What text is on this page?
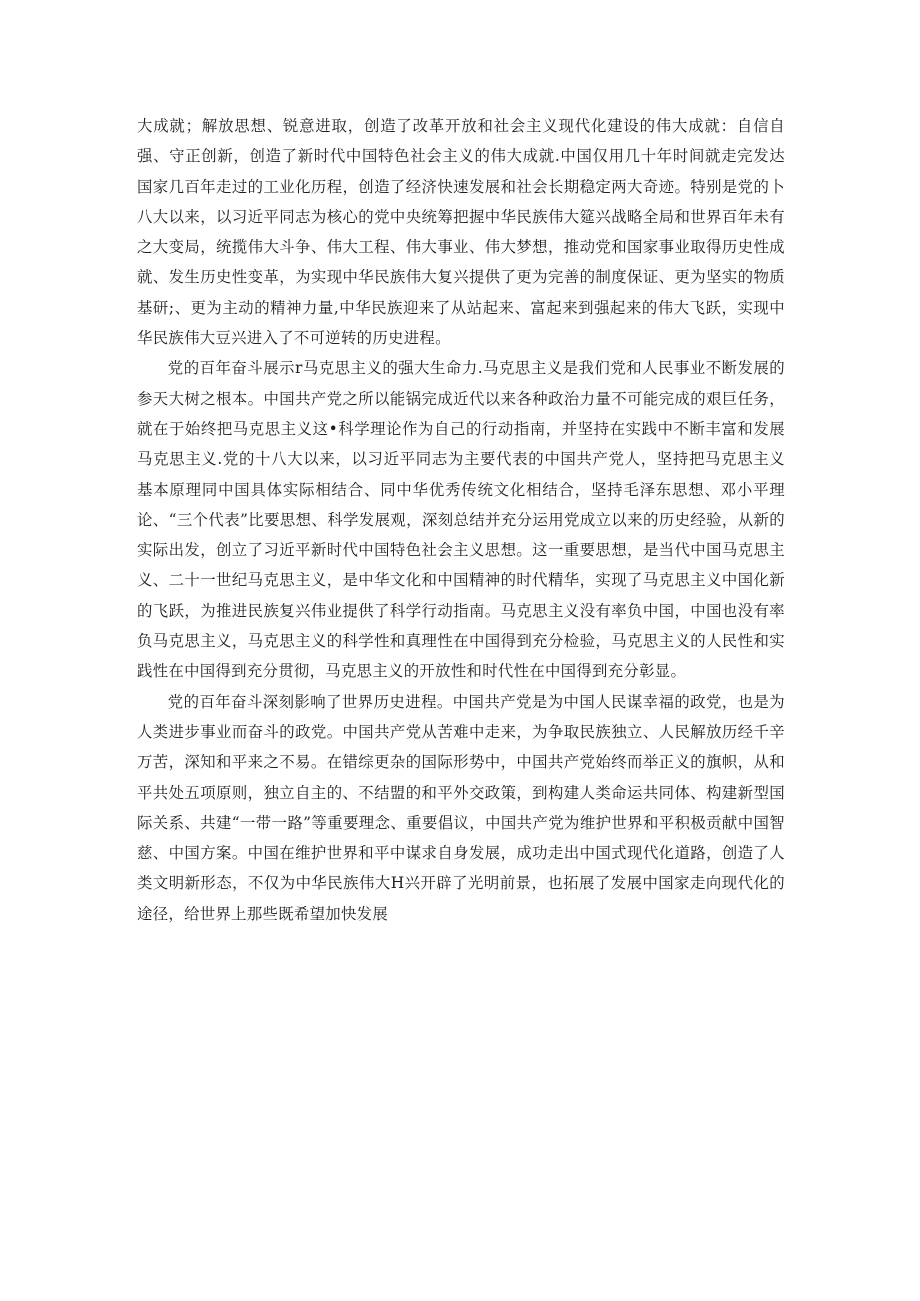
大成就；解放思想、锐意进取，创造了改革开放和社会主义现代化建设的伟大成就：自信自强、守正创新，创造了新时代中国特色社会主义的伟大成就.中国仅用几十年时间就走完发达国家几百年走过的工业化历程，创造了经济快速发展和社会长期稳定两大奇迹。特别是党的卜八大以来，以习近平同志为核心的党中央统筹把握中华民族伟大筵兴战略全局和世界百年未有之大变局，统揽伟大斗争、伟大工程、伟大事业、伟大梦想，推动党和国家事业取得历史性成就、发生历史性变革，为实现中华民族伟大复兴提供了更为完善的制度保证、更为坚实的物质基研;、更为主动的精神力量,中华民族迎来了从站起来、富起来到强起来的伟大飞跃，实现中华民族伟大豆兴进入了不可逆转的历史进程。

党的百年奋斗展示r马克思主义的强大生命力.马克思主义是我们党和人民事业不断发展的参天大树之根本。中国共产党之所以能锅完成近代以来各种政治力量不可能完成的艰巨任务，就在于始终把马克思主义这•科学理论作为自己的行动指南，并坚持在实践中不断丰富和发展马克思主义.党的十八大以来，以习近平同志为主要代表的中国共产党人，坚持把马克思主义基本原理同中国具体实际相结合、同中华优秀传统文化相结合，坚持毛泽东思想、邓小平理论、“三个代表”比要思想、科学发展观，深刻总结并充分运用党成立以来的历史经验，从新的实际出发，创立了习近平新时代中国特色社会主义思想。这一重要思想，是当代中国马克思主义、二十一世纪马克思主义，是中华文化和中国精神的时代精华，实现了马克思主义中国化新的飞跃，为推进民族复兴伟业提供了科学行动指南。马克思主义没有率负中国，中国也没有率负马克思主义，马克思主义的科学性和真理性在中国得到充分检验，马克思主义的人民性和实践性在中国得到充分贯彻，马克思主义的开放性和时代性在中国得到充分彰显。

党的百年奋斗深刻影响了世界历史进程。中国共产党是为中国人民谋幸福的政党，也是为人类进步事业而奋斗的政党。中国共产党从苦难中走来，为争取民族独立、人民解放历经千辛万苦，深知和平来之不易。在错综更杂的国际形势中，中国共产党始终而举正义的旗帜，从和平共处五项原则，独立自主的、不结盟的和平外交政策，到构建人类命运共同体、构建新型国际关系、共建“一带一路”等重要理念、重要倡议，中国共产党为维护世界和平积极贡献中国智慈、中国方案。中国在维护世界和平中谋求自身发展，成功走出中国式现代化道路，创造了人类文明新形态，不仅为中华民族伟大H兴开辟了光明前景，也拓展了发展中国家走向现代化的途径，给世界上那些既希望加快发展
